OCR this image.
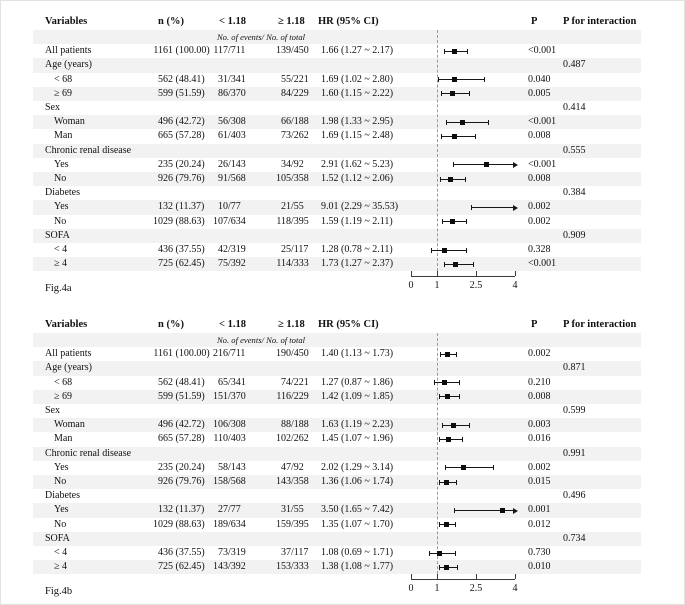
Variables	n (%)	< 1.18	≥ 1.18 HR (95% CI)	P P for interaction
No. of events/ No. of total
All patients	1161 (100.00) 117/711	139/450 1.66 (1.27 ~ 2.17)	<0.001
Age (years)	0.487
< 68	562 (48.41)	31/341	55/221 1.69 (1.02 ~ 2.80)	0.040
≥ 69	599 (51.59)	86/370	84/229 1.60 (1.15 ~ 2.22)	0.005
Sex	0.414
Woman	496 (42.72)	56/308	66/188 1.98 (1.33 ~ 2.95)	<0.001
Man	665 (57.28)	61/403	73/262 1.69 (1.15 ~ 2.48)	0.008
Chronic renal disease	0.555
Yes	235 (20.24)	26/143	34/92 2.91 (1.62 ~ 5.23)	<0.001
No	926 (79.76)	91/568	105/358 1.52 (1.12 ~ 2.06)	0.008
Diabetes	0.384
Yes	132 (11.37)	10/77	21/55 9.01 (2.29 ~ 35.53)	0.002
No	1029 (88.63) 107/634	118/395 1.59 (1.19 ~ 2.11)	0.002
SOFA	0.909
< 4	436 (37.55)	42/319	25/117 1.28 (0.78 ~ 2.11)	0.328
≥ 4	725 (62.45)	75/392	114/333 1.73 (1.27 ~ 2.37)	<0.001
0	1	2.5	4
Fig.4a
Variables	n (%)	< 1.18	≥ 1.18 HR (95% CI)	P P for interaction
No. of events/ No. of total
All patients	1161 (100.00) 216/711	190/450 1.40 (1.13 ~ 1.73)	0.002
Age (years)	0.871
< 68	562 (48.41)	65/341	74/221 1.27 (0.87 ~ 1.86)	0.210
≥ 69	599 (51.59) 151/370	116/229 1.42 (1.09 ~ 1.85)	0.008
Sex	0.599
Woman	496 (42.72) 106/308	88/188 1.63 (1.19 ~ 2.23)	0.003
Man	665 (57.28) 110/403	102/262 1.45 (1.07 ~ 1.96)	0.016
Chronic renal disease	0.991
Yes	235 (20.24)	58/143	47/92 2.02 (1.29 ~ 3.14)	0.002
No	926 (79.76) 158/568	143/358 1.36 (1.06 ~ 1.74)	0.015
Diabetes	0.496
Yes	132 (11.37)	27/77	31/55 3.50 (1.65 ~ 7.42)	0.001
No	1029 (88.63) 189/634	159/395 1.35 (1.07 ~ 1.70)	0.012
SOFA	0.734
< 4	436 (37.55)	73/319	37/117 1.08 (0.69 ~ 1.71)	0.730
≥ 4	725 (62.45) 143/392	153/333 1.38 (1.08 ~ 1.77)	0.010
0	1	2.5	4
Fig.4b
